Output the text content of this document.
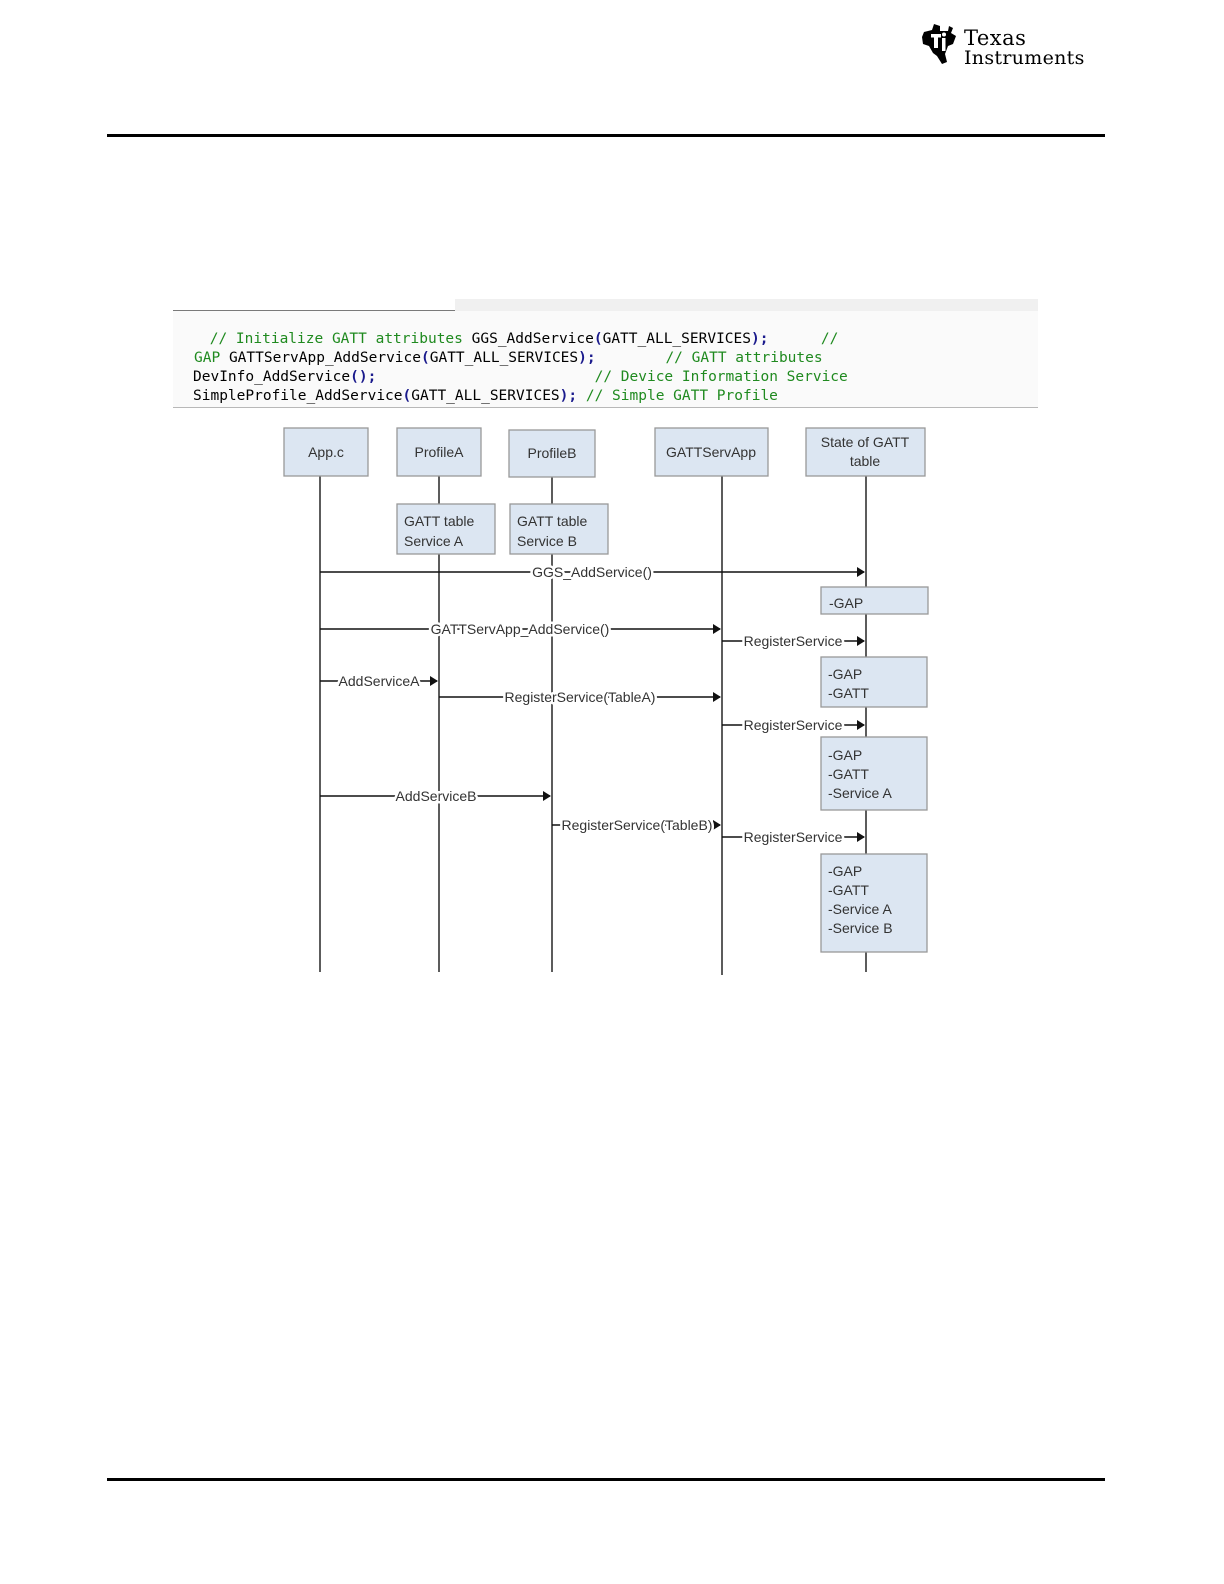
Texas
Instruments
// Initialize GATT attributes GGS_AddService(GATT_ALL_SERVICES);	//
GAP GATTServApp_AddService(GATT_ALL_SERVICES);	// GATT attributes
DevInfo_AddService();	// Device Information Service
SimpleProfile_AddService(GATT_ALL_SERVICES); // Simple GATT Profile
App.c	ProfileA	ProfileB	GATTServApp
State of GATT
table
GATT table
Service A
GATT table
Service B
GGS_AddService()
GATTServApp_AddService()
RegisterService
AddServiceA
RegisterService(TableA)
RegisterService
AddServiceB
RegisterService(TableB)
RegisterService
-GAP
-GAP
-GATT
-GAP
-GATT
-Service A
-GAP
-GATT
-Service A
-Service B
